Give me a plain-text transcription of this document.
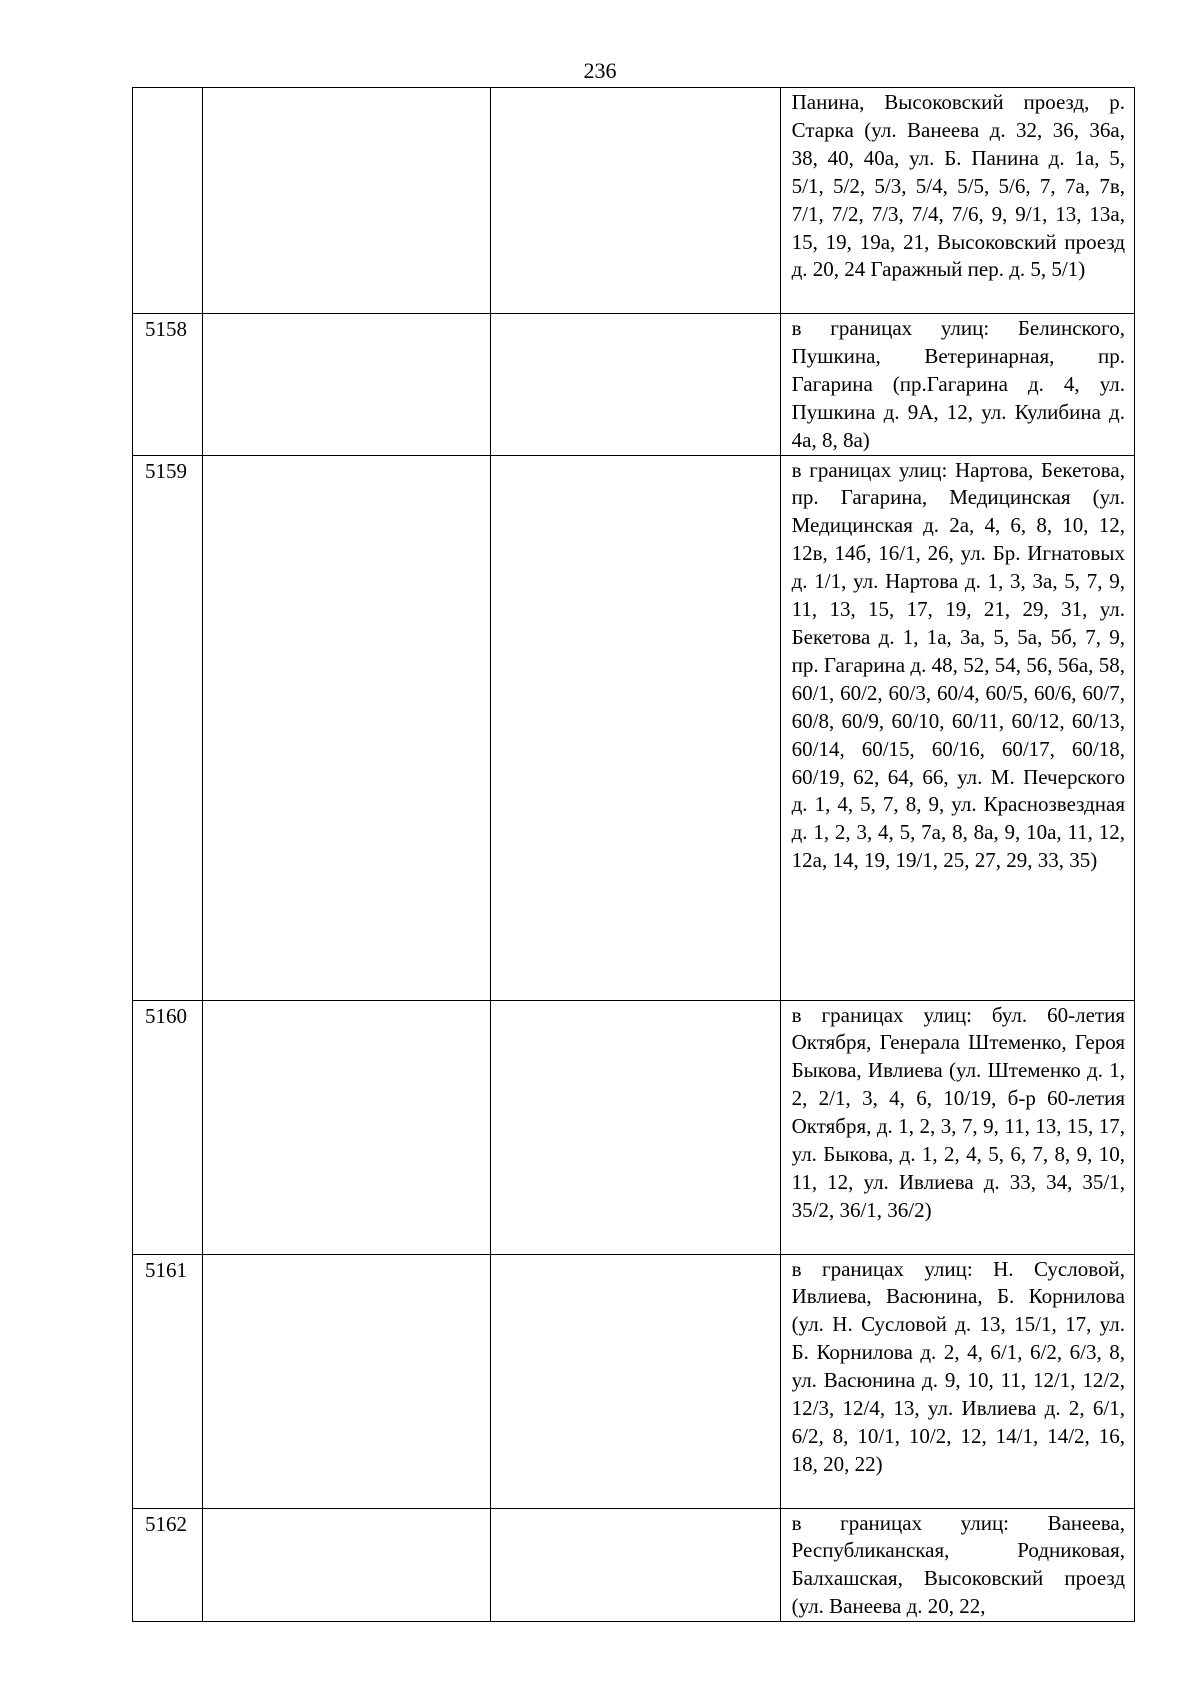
236
			Панина, Высоковский проезд, р. Старка (ул. Ванеева д. 32, 36, 36а, 38, 40, 40а, ул. Б. Панина д. 1а, 5, 5/1, 5/2, 5/3, 5/4, 5/5, 5/6, 7, 7а, 7в, 7/1, 7/2, 7/3, 7/4, 7/6, 9, 9/1, 13, 13а, 15, 19, 19а, 21, Высоковский проезд д. 20, 24 Гаражный пер. д. 5, 5/1)
5158			в границах улиц: Белинского, Пушкина, Ветеринарная, пр. Гагарина (пр.Гагарина д. 4, ул. Пушкина д. 9А, 12, ул. Кулибина д. 4а, 8, 8а)
5159			в границах улиц: Нартова, Бекетова, пр. Гагарина, Медицинская (ул. Медицинская д. 2а, 4, 6, 8, 10, 12, 12в, 14б, 16/1, 26, ул. Бр. Игнатовых д. 1/1, ул. Нартова д. 1, 3, 3а, 5, 7, 9, 11, 13, 15, 17, 19, 21, 29, 31, ул. Бекетова д. 1, 1а, 3а, 5, 5а, 5б, 7, 9, пр. Гагарина д. 48, 52, 54, 56, 56а, 58, 60/1, 60/2, 60/3, 60/4, 60/5, 60/6, 60/7, 60/8, 60/9, 60/10, 60/11, 60/12, 60/13, 60/14, 60/15, 60/16, 60/17, 60/18, 60/19, 62, 64, 66, ул. М. Печерского д. 1, 4, 5, 7, 8, 9, ул. Краснозвездная д. 1, 2, 3, 4, 5, 7а, 8, 8а, 9, 10а, 11, 12, 12а, 14, 19, 19/1, 25, 27, 29, 33, 35)
5160			в границах улиц: бул. 60-летия Октября, Генерала Штеменко, Героя Быкова, Ивлиева (ул. Штеменко д. 1, 2, 2/1, 3, 4, 6, 10/19, б-р 60-летия Октября, д. 1, 2, 3, 7, 9, 11, 13, 15, 17, ул. Быкова, д. 1, 2, 4, 5, 6, 7, 8, 9, 10, 11, 12, ул. Ивлиева д. 33, 34, 35/1, 35/2, 36/1, 36/2)
5161			в границах улиц: Н. Сусловой, Ивлиева, Васюнина, Б. Корнилова (ул. Н. Сусловой д. 13, 15/1, 17, ул. Б. Корнилова д. 2, 4, 6/1, 6/2, 6/3, 8, ул. Васюнина д. 9, 10, 11, 12/1, 12/2, 12/3, 12/4, 13, ул. Ивлиева д. 2, 6/1, 6/2, 8, 10/1, 10/2, 12, 14/1, 14/2, 16, 18, 20, 22)
5162			в границах улиц: Ванеева, Республиканская, Родниковая, Балхашская, Высоковский проезд (ул. Ванеева д. 20, 22,
